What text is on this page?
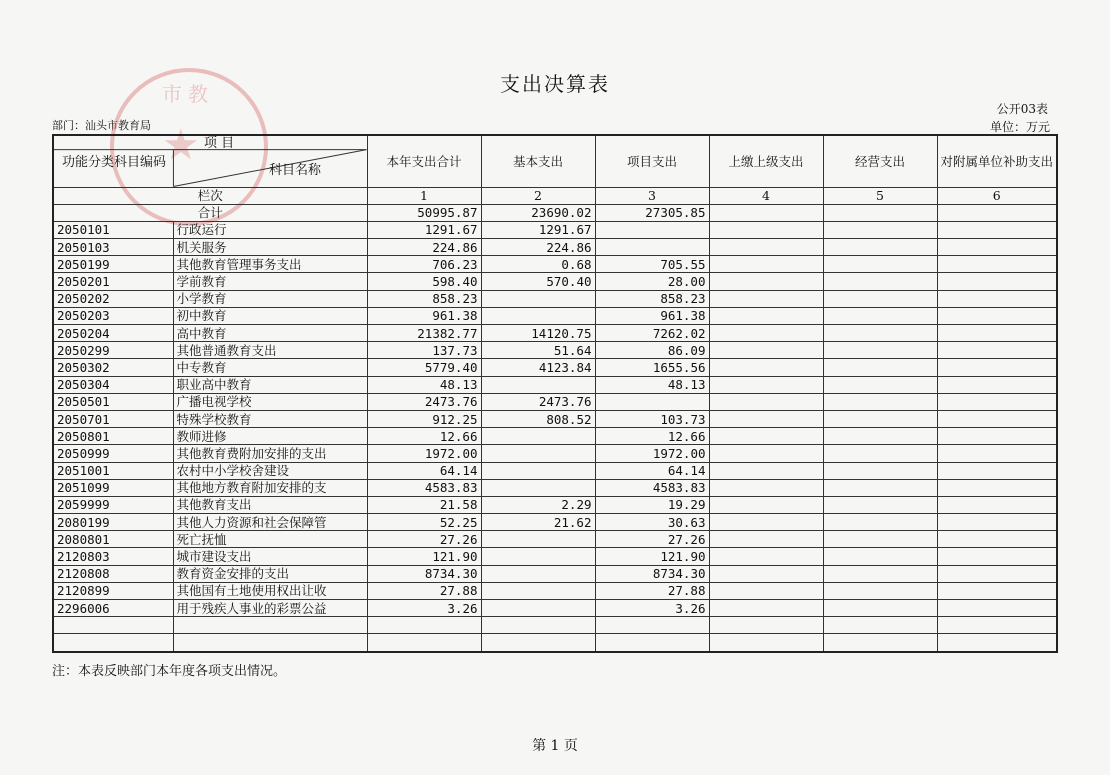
支出决算表
公开03表
部门：汕头市教育局	单位：万元
市教
★ 项 目
功能分类科目编码
科目名称		本年支出合计	基本支出	项目支出	上缴上级支出	经营支出	对附属单位补助支出
栏次		1	2	3	4	5	6
合计		50995.87	23690.02	27305.85			
2050101	行政运行	1291.67	1291.67				
2050103	机关服务	224.86	224.86				
2050199	其他教育管理事务支出	706.23	0.68	705.55			
2050201	学前教育	598.40	570.40	28.00			
2050202	小学教育	858.23		858.23			
2050203	初中教育	961.38		961.38			
2050204	高中教育	21382.77	14120.75	7262.02			
2050299	其他普通教育支出	137.73	51.64	86.09			
2050302	中专教育	5779.40	4123.84	1655.56			
2050304	职业高中教育	48.13		48.13			
2050501	广播电视学校	2473.76	2473.76				
2050701	特殊学校教育	912.25	808.52	103.73			
2050801	教师进修	12.66		12.66			
2050999	其他教育费附加安排的支出	1972.00		1972.00			
2051001	农村中小学校舍建设	64.14		64.14			
2051099	其他地方教育附加安排的支	4583.83		4583.83			
2059999	其他教育支出	21.58	2.29	19.29			
2080199	其他人力资源和社会保障管	52.25	21.62	30.63			
2080801	死亡抚恤	27.26		27.26			
2120803	城市建设支出	121.90		121.90			
2120808	教育资金安排的支出	8734.30		8734.30			
2120899	其他国有土地使用权出让收	27.88		27.88			
2296006	用于残疾人事业的彩票公益	3.26		3.26			

注：本表反映部门本年度各项支出情况。
第 1 页
